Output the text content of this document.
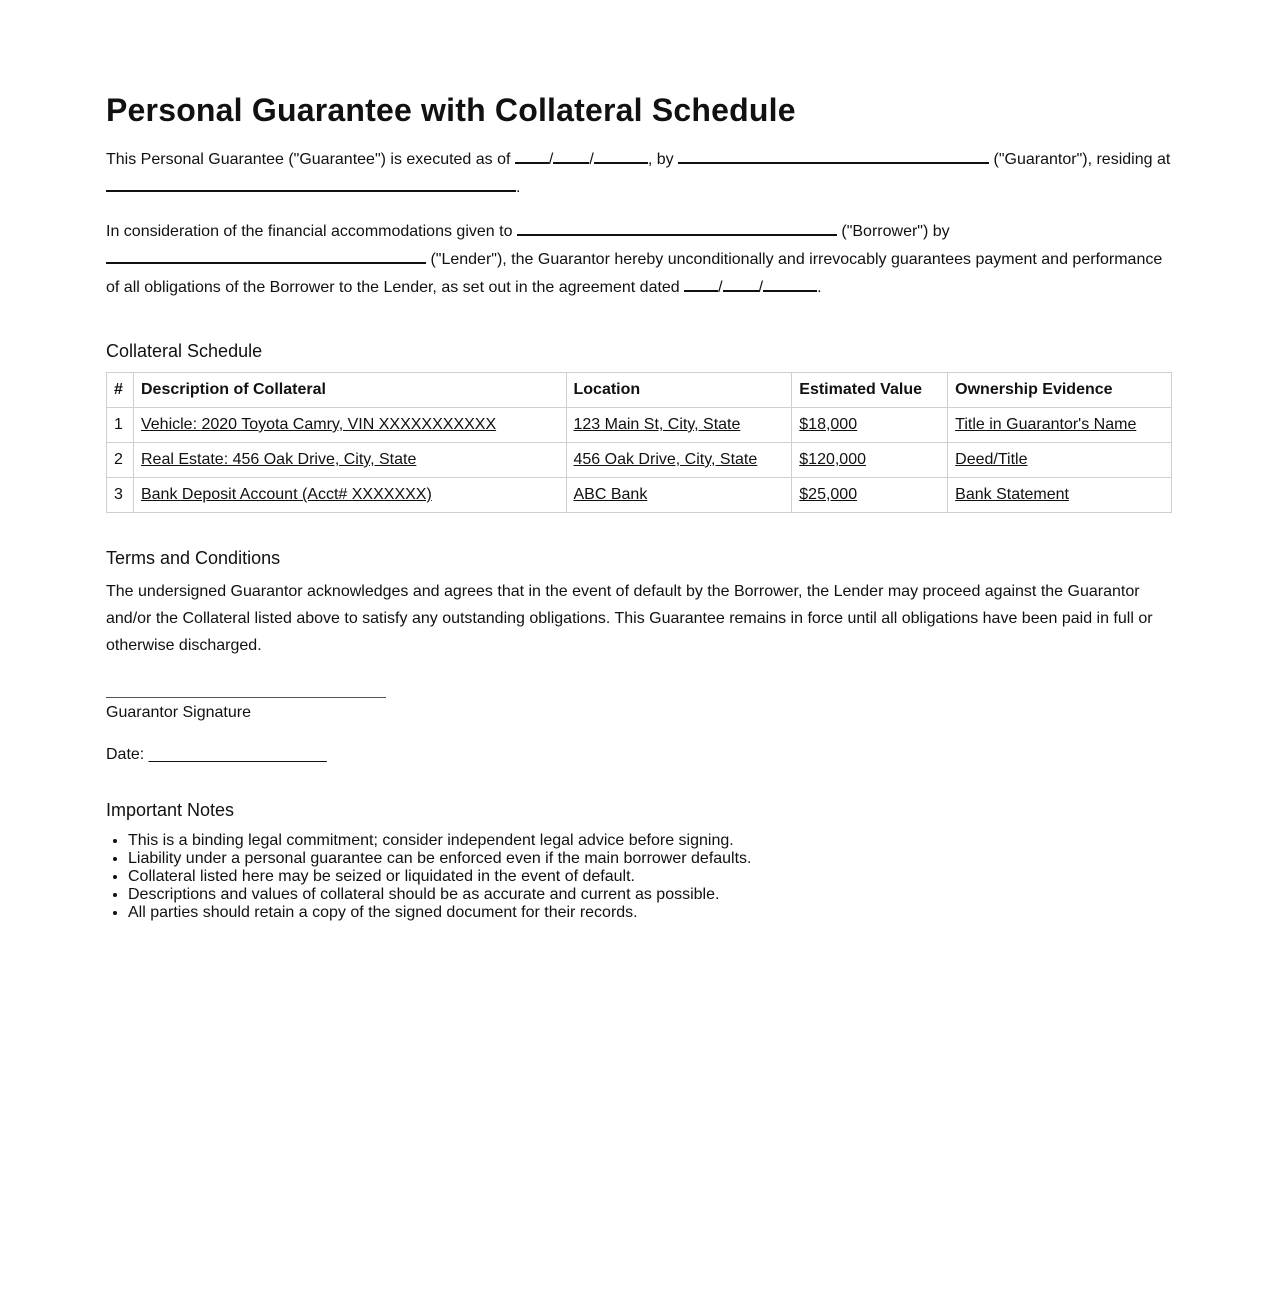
Personal Guarantee with Collateral Schedule

This Personal Guarantee ("Guarantee") is executed as of / /	, by	("Guarantor"), residing at
.

In consideration of the financial accommodations given to	("Borrower") by
("Lender"), the Guarantor hereby unconditionally and irrevocably guarantees payment and performance of all obligations of the Borrower to the Lender, as set out in the agreement dated / /	.

Collateral Schedule
#	Description of Collateral	Location	Estimated Value	Ownership Evidence
1	Vehicle: 2020 Toyota Camry, VIN XXXXXXXXXXX	123 Main St, City, State	$18,000	Title in Guarantor's Name
2	Real Estate: 456 Oak Drive, City, State	456 Oak Drive, City, State	$120,000	Deed/Title
3	Bank Deposit Account (Acct# XXXXXXX)	ABC Bank	$25,000	Bank Statement
Terms and Conditions

The undersigned Guarantor acknowledges and agrees that in the event of default by the Borrower, the Lender may proceed against the Guarantor and/or the Collateral listed above to satisfy any outstanding obligations. This Guarantee remains in force until all obligations have been paid in full or otherwise discharged.

Guarantor Signature
Date: ____________________
Important Notes
• This is a binding legal commitment; consider independent legal advice before signing.
• Liability under a personal guarantee can be enforced even if the main borrower defaults.
• Collateral listed here may be seized or liquidated in the event of default.
• Descriptions and values of collateral should be as accurate and current as possible.
• All parties should retain a copy of the signed document for their records.
